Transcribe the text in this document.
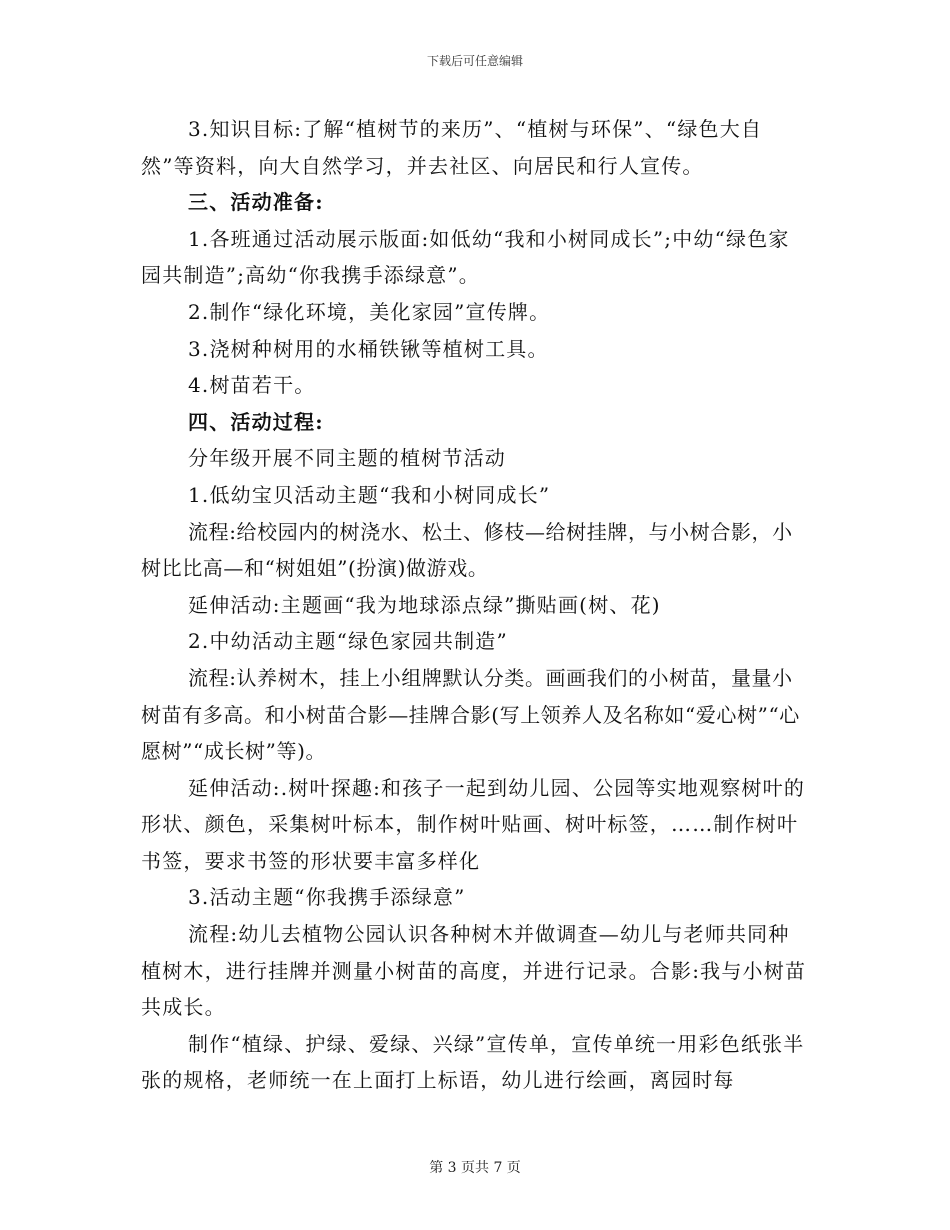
下载后可任意编辑

3.知识目标:了解“植树节的来历”、“植树与环保”、“绿色大自然”等资料，向大自然学习，并去社区、向居民和行人宣传。

三、活动准备:

1.各班通过活动展示版面:如低幼“我和小树同成长”;中幼“绿色家园共制造”;高幼“你我携手添绿意”。

2.制作“绿化环境，美化家园”宣传牌。

3.浇树种树用的水桶铁锹等植树工具。

4.树苗若干。

四、活动过程:

分年级开展不同主题的植树节活动

1.低幼宝贝活动主题“我和小树同成长”

流程:给校园内的树浇水、松土、修枝—给树挂牌，与小树合影，小树比比高—和“树姐姐”(扮演)做游戏。

延伸活动:主题画“我为地球添点绿”撕贴画(树、花)

2.中幼活动主题“绿色家园共制造”

流程:认养树木，挂上小组牌默认分类。画画我们的小树苗，量量小树苗有多高。和小树苗合影—挂牌合影(写上领养人及名称如“爱心树”“心愿树”“成长树”等)。

延伸活动:.树叶探趣:和孩子一起到幼儿园、公园等实地观察树叶的形状、颜色，采集树叶标本，制作树叶贴画、树叶标签，……制作树叶书签，要求书签的形状要丰富多样化

3.活动主题“你我携手添绿意”

流程:幼儿去植物公园认识各种树木并做调查—幼儿与老师共同种植树木，进行挂牌并测量小树苗的高度，并进行记录。合影:我与小树苗共成长。

制作“植绿、护绿、爱绿、兴绿”宣传单，宣传单统一用彩色纸张半张的规格，老师统一在上面打上标语，幼儿进行绘画，离园时每

第 3 页共 7 页
